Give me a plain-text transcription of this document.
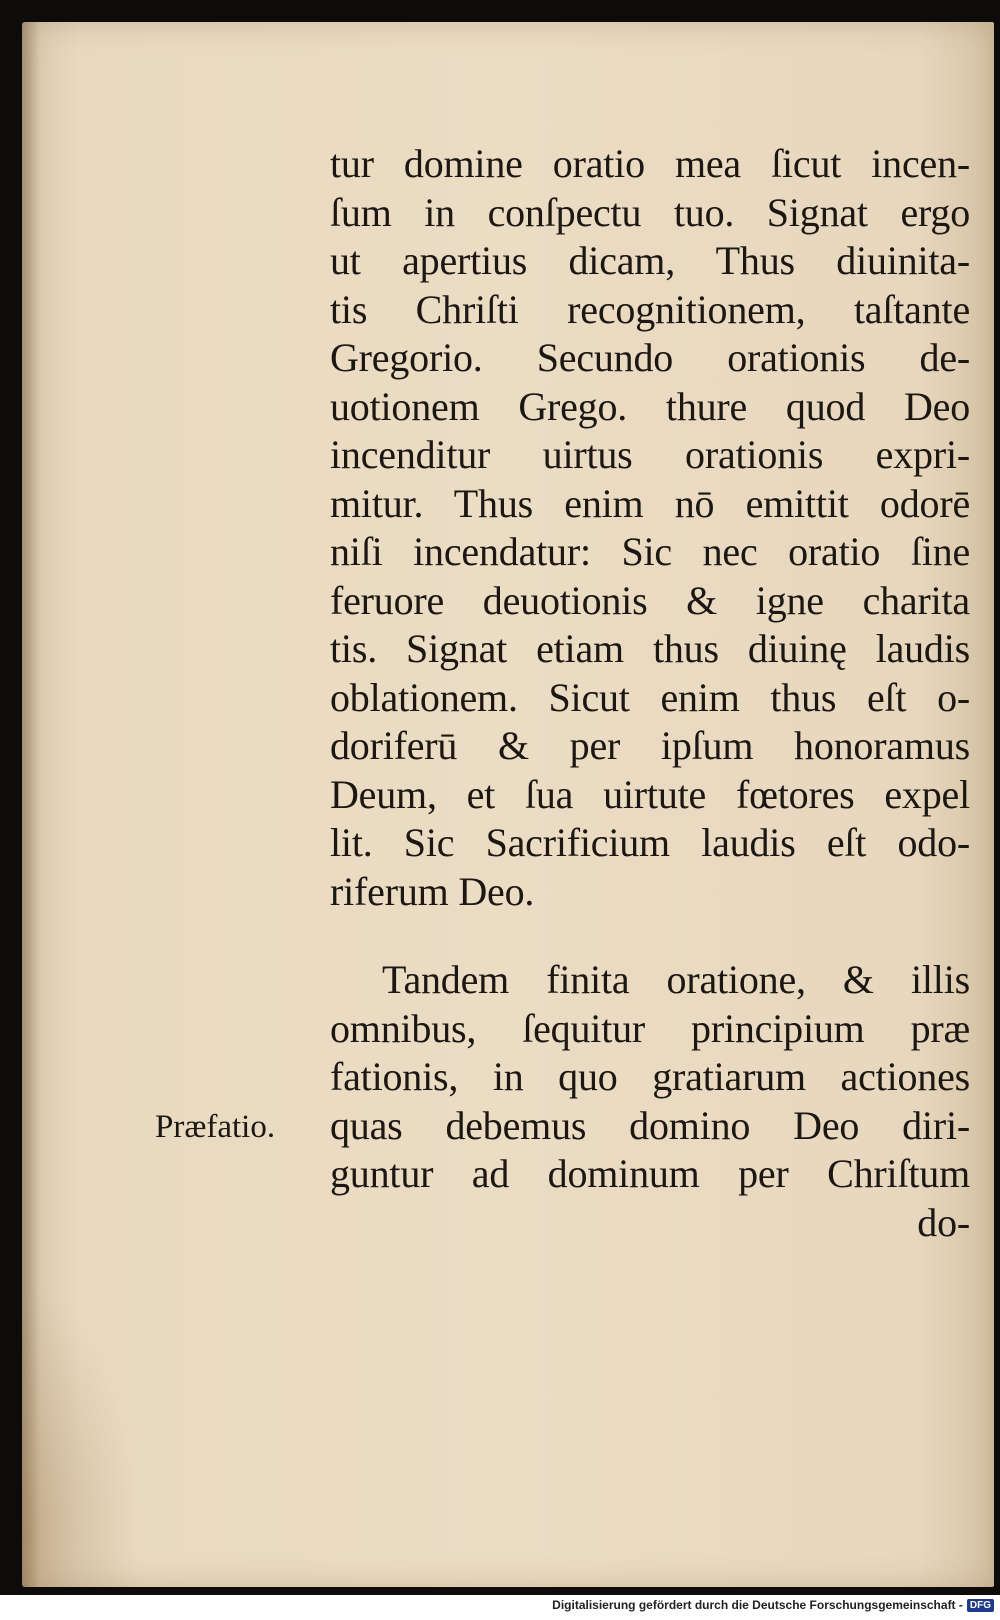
tur domine oratio mea ſicut incen-
ſum in conſpectu tuo. Signat ergo
ut apertius dicam, Thus diuinita-
tis Chriſti recognitionem, taſtante
Gregorio. Secundo orationis de-
uotionem Grego. thure quod Deo
incenditur uirtus orationis expri-
mitur. Thus enim nō emittit odorē
niſi incendatur: Sic nec oratio ſine
feruore deuotionis & igne charita
tis. Signat etiam thus diuinę laudis
oblationem. Sicut enim thus eſt o-
doriferū & per ipſum honoramus
Deum, et ſua uirtute fœtores expel
lit. Sic Sacrificium laudis eſt odo-
riferum Deo.
Tandem finita oratione, & illis
omnibus, ſequitur principium præ
fationis, in quo gratiarum actiones
quas debemus domino Deo diri-
guntur ad dominum per Chriſtum
do-
Præfatio.
Digitalisierung gefördert durch die Deutsche Forschungsgemeinschaft - DFG
